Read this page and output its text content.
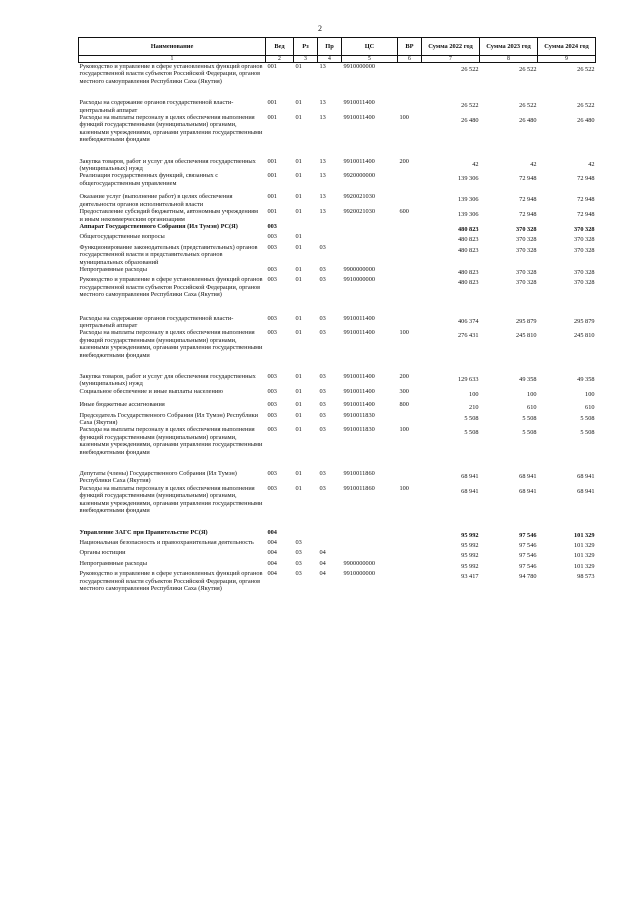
2
Наименование	Вед	Рз	Пр	ЦС	ВР	Сумма 2022 год	Сумма 2023 год	Сумма 2024 год
1	2	3	4	5	6	7	8	9
Руководство и управление в сфере установленных функций органов государственной власти субъектов Российской Федерации, органов местного самоуправления Республики Саха (Якутия)	001	01	13	9910000000		26 522	26 522	26 522
Расходы на содержание органов государственной власти- центральный аппарат	001	01	13	9910011400		26 522	26 522	26 522
Расходы на выплаты персоналу в целях обеспечения выполнения функций государственными (муниципальными) органами, казенными учреждениями, органами управления государственными внебюджетными фондами	001	01	13	9910011400	100	26 480	26 480	26 480
Закупка товаров, работ и услуг для обеспечения государственных (муниципальных) нужд	001	01	13	9910011400	200	42	42	42
Реализация государственных функций, связанных с общегосударственным управлением	001	01	13	9920000000		139 306	72 948	72 948
Оказание услуг (выполнение работ) в целях обеспечения деятельности органов исполнительной власти	001	01	13	9920021030		139 306	72 948	72 948
Предоставление субсидий бюджетным, автономным учреждениям и иным некоммерческим организациям	001	01	13	9920021030	600	139 306	72 948	72 948
Аппарат Государственного Собрания (Ил Тумэн) РС(Я)	003					480 823	370 328	370 328
Общегосударственные вопросы	003	01				480 823	370 328	370 328
Функционирование законодательных (представительных) органов государственной власти и представительных органов муниципальных образований	003	01	03			480 823	370 328	370 328
Непрограммные расходы	003	01	03	9900000000		480 823	370 328	370 328
Руководство и управление в сфере установленных функций органов государственной власти субъектов Российской Федерации, органов местного самоуправления Республики Саха (Якутия)	003	01	03	9910000000		480 823	370 328	370 328
Расходы на содержание органов государственной власти- центральный аппарат	003	01	03	9910011400		406 374	295 879	295 879
Расходы на выплаты персоналу в целях обеспечения выполнения функций государственными (муниципальными) органами, казенными учреждениями, органами управления государственными внебюджетными фондами	003	01	03	9910011400	100	276 431	245 810	245 810
Закупка товаров, работ и услуг для обеспечения государственных (муниципальных) нужд	003	01	03	9910011400	200	129 633	49 358	49 358
Социальное обеспечение и иные выплаты населению	003	01	03	9910011400	300	100	100	100
Иные бюджетные ассигнования	003	01	03	9910011400	800	210	610	610
Председатель Государственного Собрания (Ил Тумэн) Республики Саха (Якутия)	003	01	03	9910011830		5 508	5 508	5 508
Расходы на выплаты персоналу в целях обеспечения выполнения функций государственными (муниципальными) органами, казенными учреждениями, органами управления государственными внебюджетными фондами	003	01	03	9910011830	100	5 508	5 508	5 508
Депутаты (члены) Государственного Собрания (Ил Тумэн) Республики Саха (Якутия)	003	01	03	9910011860		68 941	68 941	68 941
Расходы на выплаты персоналу в целях обеспечения выполнения функций государственными (муниципальными) органами, казенными учреждениями, органами управления государственными внебюджетными фондами	003	01	03	9910011860	100	68 941	68 941	68 941
Управление ЗАГС при Правительстве РС(Я)	004					95 992	97 546	101 329
Национальная безопасность и правоохранительная деятельность	004	03				95 992	97 546	101 329
Органы юстиции	004	03	04			95 992	97 546	101 329
Непрограммные расходы	004	03	04	9900000000		95 992	97 546	101 329
Руководство и управление в сфере установленных функций органов государственной власти субъектов Российской Федерации, органов местного самоуправления Республики Саха (Якутия)	004	03	04	9910000000		93 417	94 780	98 573
